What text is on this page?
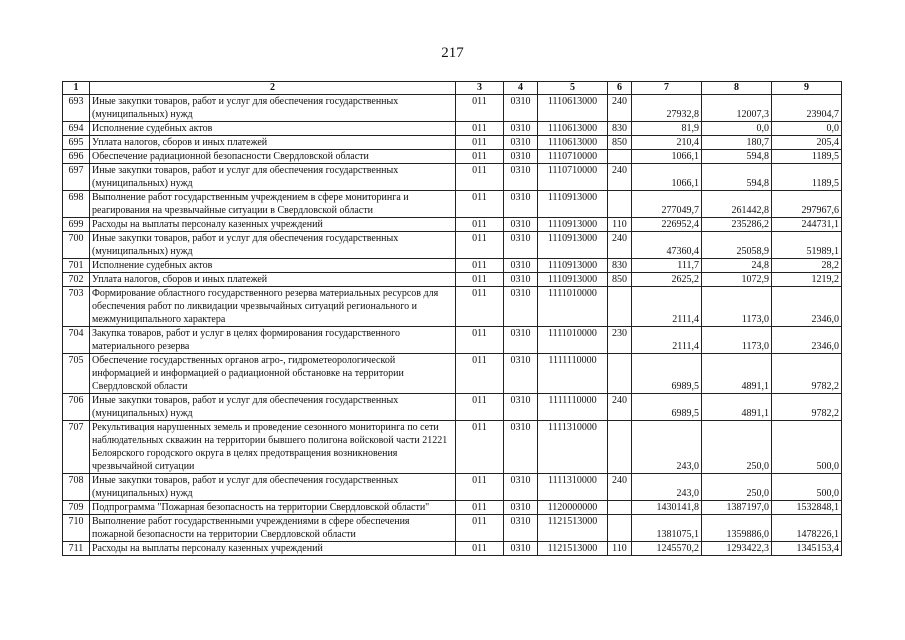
217
1	2	3	4	5	6	7	8	9
693	Иные закупки товаров, работ и услуг для обеспечения государственных (муниципальных) нужд	011	0310	1110613000	240	27932,8	12007,3	23904,7
694	Исполнение судебных актов	011	0310	1110613000	830	81,9	0,0	0,0
695	Уплата налогов, сборов и иных платежей	011	0310	1110613000	850	210,4	180,7	205,4
696	Обеспечение радиационной безопасности Свердловской области	011	0310	1110710000		1066,1	594,8	1189,5
697	Иные закупки товаров, работ и услуг для обеспечения государственных (муниципальных) нужд	011	0310	1110710000	240	1066,1	594,8	1189,5
698	Выполнение работ государственным учреждением в сфере мониторинга и реагирования на чрезвычайные ситуации в Свердловской области	011	0310	1110913000		277049,7	261442,8	297967,6
699	Расходы на выплаты персоналу казенных учреждений	011	0310	1110913000	110	226952,4	235286,2	244731,1
700	Иные закупки товаров, работ и услуг для обеспечения государственных (муниципальных) нужд	011	0310	1110913000	240	47360,4	25058,9	51989,1
701	Исполнение судебных актов	011	0310	1110913000	830	111,7	24,8	28,2
702	Уплата налогов, сборов и иных платежей	011	0310	1110913000	850	2625,2	1072,9	1219,2
703	Формирование областного государственного резерва материальных ресурсов для обеспечения работ по ликвидации чрезвычайных ситуаций регионального и межмуниципального характера	011	0310	1111010000		2111,4	1173,0	2346,0
704	Закупка товаров, работ и услуг в целях формирования государственного материального резерва	011	0310	1111010000	230	2111,4	1173,0	2346,0
705	Обеспечение государственных органов агро-, гидрометеорологической информацией и информацией о радиационной обстановке на территории Свердловской области	011	0310	1111110000		6989,5	4891,1	9782,2
706	Иные закупки товаров, работ и услуг для обеспечения государственных (муниципальных) нужд	011	0310	1111110000	240	6989,5	4891,1	9782,2
707	Рекультивация нарушенных земель и проведение сезонного мониторинга по сети наблюдательных скважин на территории бывшего полигона войсковой части 21221 Белоярского городского округа в целях предотвращения возникновения чрезвычайной ситуации	011	0310	1111310000		243,0	250,0	500,0
708	Иные закупки товаров, работ и услуг для обеспечения государственных (муниципальных) нужд	011	0310	1111310000	240	243,0	250,0	500,0
709	Подпрограмма "Пожарная безопасность на территории Свердловской области"	011	0310	1120000000		1430141,8	1387197,0	1532848,1
710	Выполнение работ государственными учреждениями в сфере обеспечения пожарной безопасности на территории Свердловской области	011	0310	1121513000		1381075,1	1359886,0	1478226,1
711	Расходы на выплаты персоналу казенных учреждений	011	0310	1121513000	110	1245570,2	1293422,3	1345153,4
